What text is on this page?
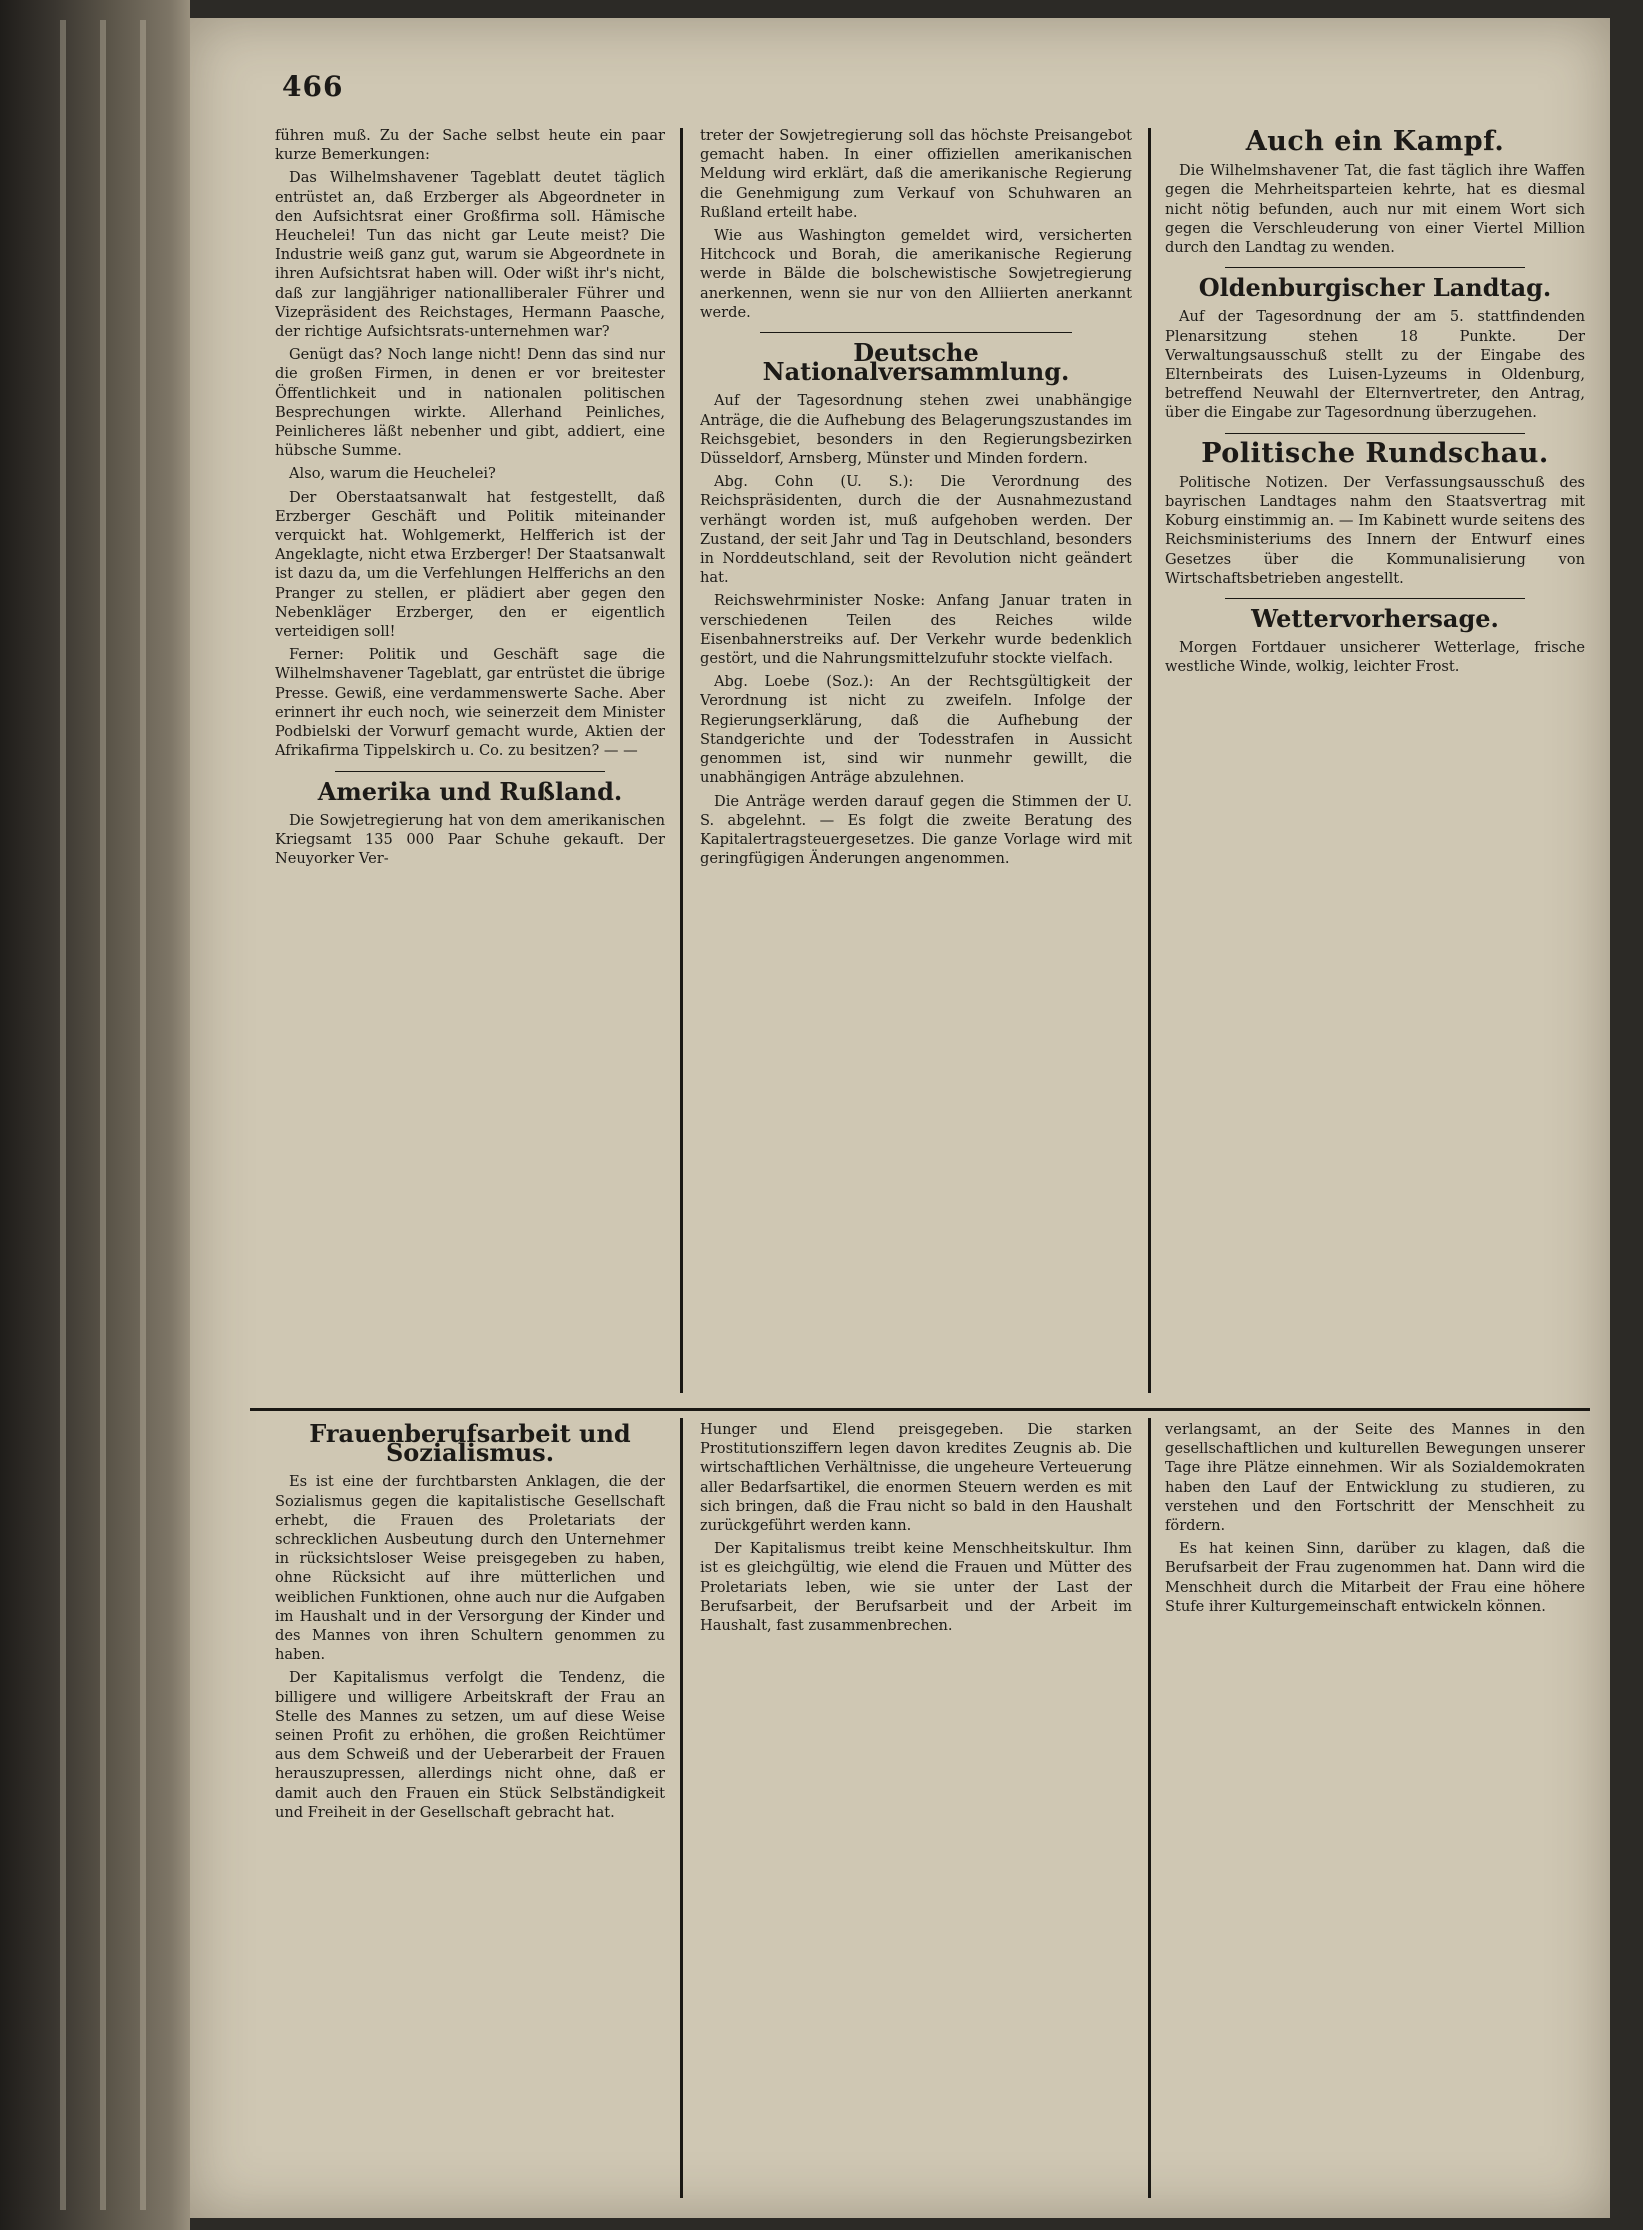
466

führen muß. Zu der Sache selbst heute ein paar kurze Bemerkungen:

Das Wilhelmshavener Tageblatt deutet täglich entrüstet an, daß Erzberger als Abgeordneter in den Aufsichtsrat einer Großfirma soll. Hämische Heuchelei! Tun das nicht gar Leute meist? Die Industrie weiß ganz gut, warum sie Abgeordnete in ihren Aufsichtsrat haben will. Oder wißt ihr's nicht, daß zur langjähriger nationalliberaler Führer und Vizepräsident des Reichstages, Hermann Paasche, der richtige Aufsichtsrats-unternehmen war?

Genügt das? Noch lange nicht! Denn das sind nur die großen Firmen, in denen er vor breitester Öffentlichkeit und in nationalen politischen Besprechungen wirkte. Allerhand Peinliches, Peinlicheres läßt nebenher und gibt, addiert, eine hübsche Summe.

Also, warum die Heuchelei?

Der Oberstaatsanwalt hat festgestellt, daß Erzberger Geschäft und Politik miteinander verquickt hat. Wohlgemerkt, Helfferich ist der Angeklagte, nicht etwa Erzberger! Der Staatsanwalt ist dazu da, um die Verfehlungen Helfferichs an den Pranger zu stellen, er plädiert aber gegen den Nebenkläger Erzberger, den er eigentlich verteidigen soll!

Ferner: Politik und Geschäft sage die Wilhelmshavener Tageblatt, gar entrüstet die übrige Presse. Gewiß, eine verdammenswerte Sache. Aber erinnert ihr euch noch, wie seinerzeit dem Minister Podbielski der Vorwurf gemacht wurde, Aktien der Afrikafirma Tippelskirch u. Co. zu besitzen? — —

Amerika und Rußland.

Die Sowjetregierung hat von dem amerikanischen Kriegsamt 135 000 Paar Schuhe gekauft. Der Neuyorker Ver-

treter der Sowjetregierung soll das höchste Preisangebot gemacht haben. In einer offiziellen amerikanischen Meldung wird erklärt, daß die amerikanische Regierung die Genehmigung zum Verkauf von Schuhwaren an Rußland erteilt habe.

Wie aus Washington gemeldet wird, versicherten Hitchcock und Borah, die amerikanische Regierung werde in Bälde die bolschewistische Sowjetregierung anerkennen, wenn sie nur von den Alliierten anerkannt werde.

Deutsche Nationalversammlung.

Auf der Tagesordnung stehen zwei unabhängige Anträge, die die Aufhebung des Belagerungszustandes im Reichsgebiet, besonders in den Regierungsbezirken Düsseldorf, Arnsberg, Münster und Minden fordern.

Abg. Cohn (U. S.): Die Verordnung des Reichspräsidenten, durch die der Ausnahmezustand verhängt worden ist, muß aufgehoben werden. Der Zustand, der seit Jahr und Tag in Deutschland, besonders in Norddeutschland, seit der Revolution nicht geändert hat.

Reichswehrminister Noske: Anfang Januar traten in verschiedenen Teilen des Reiches wilde Eisenbahnerstreiks auf. Der Verkehr wurde bedenklich gestört, und die Nahrungsmittelzufuhr stockte vielfach.

Abg. Loebe (Soz.): An der Rechtsgültigkeit der Verordnung ist nicht zu zweifeln. Infolge der Regierungserklärung, daß die Aufhebung der Standgerichte und der Todesstrafen in Aussicht genommen ist, sind wir nunmehr gewillt, die unabhängigen Anträge abzulehnen.

Die Anträge werden darauf gegen die Stimmen der U. S. abgelehnt. — Es folgt die zweite Beratung des Kapitalertragsteuergesetzes. Die ganze Vorlage wird mit geringfügigen Änderungen angenommen.

Auch ein Kampf.

Die Wilhelmshavener Tat, die fast täglich ihre Waffen gegen die Mehrheitsparteien kehrte, hat es diesmal nicht nötig befunden, auch nur mit einem Wort sich gegen die Verschleuderung von einer Viertel Million durch den Landtag zu wenden.

Oldenburgischer Landtag.

Auf der Tagesordnung der am 5. stattfindenden Plenarsitzung stehen 18 Punkte. Der Verwaltungsausschuß stellt zu der Eingabe des Elternbeirats des Luisen-Lyzeums in Oldenburg, betreffend Neuwahl der Elternvertreter, den Antrag, über die Eingabe zur Tagesordnung überzugehen.

Politische Rundschau.

Politische Notizen. Der Verfassungsausschuß des bayrischen Landtages nahm den Staatsvertrag mit Koburg einstimmig an. — Im Kabinett wurde seitens des Reichsministeriums des Innern der Entwurf eines Gesetzes über die Kommunalisierung von Wirtschaftsbetrieben angestellt.

Wettervorhersage.

Morgen Fortdauer unsicherer Wetterlage, frische westliche Winde, wolkig, leichter Frost.

Frauenberufsarbeit und Sozialismus.

Es ist eine der furchtbarsten Anklagen, die der Sozialismus gegen die kapitalistische Gesellschaft erhebt, die Frauen des Proletariats der schrecklichen Ausbeutung durch den Unternehmer in rücksichtsloser Weise preisgegeben zu haben, ohne Rücksicht auf ihre mütterlichen und weiblichen Funktionen, ohne auch nur die Aufgaben im Haushalt und in der Versorgung der Kinder und des Mannes von ihren Schultern genommen zu haben.

Der Kapitalismus verfolgt die Tendenz, die billigere und willigere Arbeitskraft der Frau an Stelle des Mannes zu setzen, um auf diese Weise seinen Profit zu erhöhen, die großen Reichtümer aus dem Schweiß und der Ueberarbeit der Frauen herauszupressen, allerdings nicht ohne, daß er damit auch den Frauen ein Stück Selbständigkeit und Freiheit in der Gesellschaft gebracht hat.

Hunger und Elend preisgegeben. Die starken Prostitutionsziffern legen davon kredites Zeugnis ab. Die wirtschaftlichen Verhältnisse, die ungeheure Verteuerung aller Bedarfsartikel, die enormen Steuern werden es mit sich bringen, daß die Frau nicht so bald in den Haushalt zurückgeführt werden kann.

Der Kapitalismus treibt keine Menschheitskultur. Ihm ist es gleichgültig, wie elend die Frauen und Mütter des Proletariats leben, wie sie unter der Last der Berufsarbeit, der Berufsarbeit und der Arbeit im Haushalt, fast zusammenbrechen.

verlangsamt, an der Seite des Mannes in den gesellschaftlichen und kulturellen Bewegungen unserer Tage ihre Plätze einnehmen. Wir als Sozialdemokraten haben den Lauf der Entwicklung zu studieren, zu verstehen und den Fortschritt der Menschheit zu fördern.

Es hat keinen Sinn, darüber zu klagen, daß die Berufsarbeit der Frau zugenommen hat. Dann wird die Menschheit durch die Mitarbeit der Frau eine höhere Stufe ihrer Kulturgemeinschaft entwickeln können.
